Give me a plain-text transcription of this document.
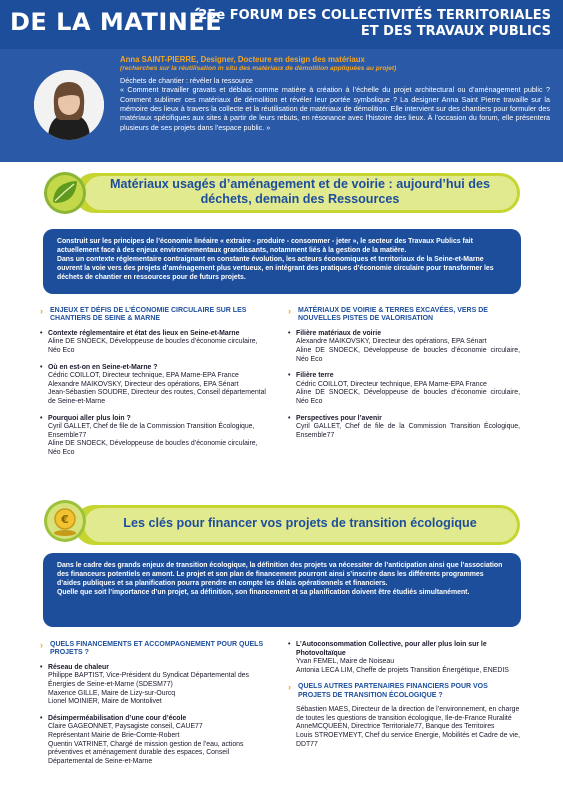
DE LA MATINÉE
25e FORUM DES COLLECTIVITÉS TERRITORIALES
ET DES TRAVAUX PUBLICS
Anna SAINT-PIERRE, Designer, Docteure en design des matériaux
(recherches sur la réutilisation in situ des matériaux de démolition appliquées au projet)
Déchets de chantier : révéler la ressource
« Comment travailler gravats et déblais comme matière à création à l’échelle du projet architectural ou d’aménagement public ? Comment sublimer ces matériaux de démolition et révéler leur portée symbolique ? La designer Anna Saint Pierre travaille sur la mémoire des lieux à travers la collecte et la réutilisation de matériaux de démolition. Elle intervient sur des chantiers pour formuler des matériaux spécifiques aux sites à partir de leurs rebuts, en résonance avec l’histoire des lieux. À l’occasion du forum, elle présentera plusieurs de ses projets dans l’espace public. »
Matériaux usagés d’aménagement et de voirie : aujourd’hui des déchets, demain des Ressources
Construit sur les principes de l’économie linéaire « extraire - produire - consommer - jeter », le secteur des Travaux Publics fait actuellement face à des enjeux environnementaux grandissants, notamment liés à la gestion de la matière.
Dans un contexte réglementaire contraignant en constante évolution, les acteurs économiques et territoriaux de la Seine-et-Marne ouvrent la voie vers des projets d’aménagement plus vertueux, en intégrant des pratiques d’économie circulaire pour transformer les déchets de chantier en ressources pour de futurs projets.
› ENJEUX ET DÉFIS DE L’ÉCONOMIE CIRCULAIRE SUR LES CHANTIERS DE SEINE & MARNE
• Contexte réglementaire et état des lieux en Seine-et-Marne
Aline DE SNOECK, Développeuse de boucles d’économie circulaire, Néo Eco
• Où en est-on en Seine-et-Marne ?
Cédric COILLOT, Directeur technique, EPA Marne-EPA France
Alexandre MAIKOVSKY, Directeur des opérations, EPA Sénart
Jean-Sébastien SOUDRE, Directeur des routes, Conseil départemental de Seine-et-Marne
• Pourquoi aller plus loin ?
Cyril GALLET, Chef de file de la Commission Transition Écologique, Ensemble77
Aline DE SNOECK, Développeuse de boucles d’économie circulaire, Néo Eco
› MATÉRIAUX DE VOIRIE & TERRES EXCAVÉES, VERS DE NOUVELLES PISTES DE VALORISATION
• Filière matériaux de voirie
Alexandre MAIKOVSKY, Directeur des opérations, EPA Sénart
Aline DE SNOECK, Développeuse de boucles d’économie circulaire, Néo Eco
• Filière terre
Cédric COILLOT, Directeur technique, EPA Marne-EPA France
Aline DE SNOECK, Développeuse de boucles d’économie circulaire, Néo Eco
• Perspectives pour l’avenir
Cyril GALLET, Chef de file de la Commission Transition Écologique, Ensemble77
Les clés pour financer vos projets de transition écologique
€
Dans le cadre des grands enjeux de transition écologique, la définition des projets va nécessiter de l’anticipation ainsi que l’association des financeurs potentiels en amont. Le projet et son plan de financement pourront ainsi s’inscrire dans les différents programmes d’aides publiques et sa planification pourra prendre en compte les délais opérationnels et financiers.
Quelle que soit l’importance d’un projet, sa définition, son financement et sa planification doivent être étudiés simultanément.
› QUELS FINANCEMENTS ET ACCOMPAGNEMENT POUR QUELS PROJETS ?
• Réseau de chaleur
Philippe BAPTIST, Vice-Président du Syndicat Départemental des Énergies de Seine-et-Marne (SDESM77)
Maxence GILLE, Maire de Lizy-sur-Ourcq
Lionel MOINIER, Maire de Montolivet
• Désimperméabilisation d’une cour d’école
Claire GAGEONNET, Paysagiste conseil, CAUE77
Représentant Mairie de Brie-Comte-Robert
Quentin VATRINET, Chargé de mission gestion de l’eau, actions préventives et aménagement durable des espaces, Conseil Départemental de Seine-et-Marne
• L’Autoconsommation Collective, pour aller plus loin sur le Photovoltaïque
Yvan FEMEL, Maire de Noiseau
Antonia LECA LIM, Cheffe de projets Transition Énergétique, ENEDIS
› QUELS AUTRES PARTENAIRES FINANCIERS POUR VOS PROJETS DE TRANSITION ÉCOLOGIQUE ?
Sébastien MAES, Directeur de la direction de l’environnement, en charge de toutes les questions de transition écologique, Ile-de-France Ruralité
AnneMCQUEEN, Directrice Territoriale77, Banque des Territoires
Louis STROEYMEYT, Chef du service Energie, Mobilités et Cadre de vie, DDT77
